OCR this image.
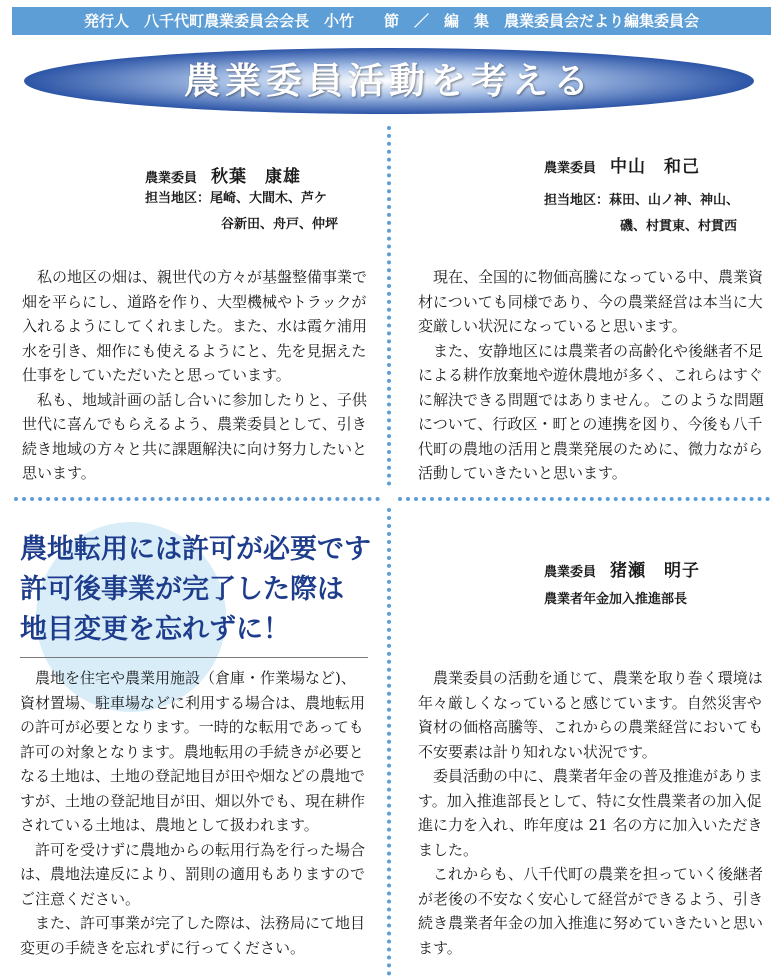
発行人　八千代町農業委員会会長　小竹　　節　／　編　集　農業委員会だより編集委員会
農業委員活動を考える
農業委員 秋葉　康雄
担当地区：尾崎、大間木、芦ケ
谷新田、舟戸、仲坪

私の地区の畑は、親世代の方々が基盤整備事業で畑を平らにし、道路を作り、大型機械やトラックが入れるようにしてくれました。また、水は霞ケ浦用水を引き、畑作にも使えるようにと、先を見据えた仕事をしていただいたと思っています。

私も、地域計画の話し合いに参加したりと、子供世代に喜んでもらえるよう、農業委員として、引き続き地域の方々と共に課題解決に向け努力したいと思います。

農業委員 中山　和己
担当地区：菻田、山ノ神、神山、
磯、村貫東、村貫西

現在、全国的に物価高騰になっている中、農業資材についても同様であり、今の農業経営は本当に大変厳しい状況になっていると思います。

また、安静地区には農業者の高齢化や後継者不足による耕作放棄地や遊休農地が多く、これらはすぐに解決できる問題ではありません。このような問題について、行政区・町との連携を図り、今後も八千代町の農地の活用と農業発展のために、微力ながら活動していきたいと思います。

農地転用には許可が必要です
許可後事業が完了した際は
地目変更を忘れずに！

農地を住宅や農業用施設（倉庫・作業場など)、資材置場、駐車場などに利用する場合は、農地転用の許可が必要となります。一時的な転用であっても許可の対象となります。農地転用の手続きが必要となる土地は、土地の登記地目が田や畑などの農地ですが、土地の登記地目が田、畑以外でも、現在耕作されている土地は、農地として扱われます。

許可を受けずに農地からの転用行為を行った場合は、農地法違反により、罰則の適用もありますのでご注意ください。

また、許可事業が完了した際は、法務局にて地目変更の手続きを忘れずに行ってください。

農業委員 猪瀬　明子
農業者年金加入推進部長

農業委員の活動を通じて、農業を取り巻く環境は年々厳しくなっていると感じています。自然災害や資材の価格高騰等、これからの農業経営においても不安要素は計り知れない状況です。

委員活動の中に、農業者年金の普及推進があります。加入推進部長として、特に女性農業者の加入促進に力を入れ、昨年度は 21 名の方に加入いただきました。

これからも、八千代町の農業を担っていく後継者が老後の不安なく安心して経営ができるよう、引き続き農業者年金の加入推進に努めていきたいと思います。
